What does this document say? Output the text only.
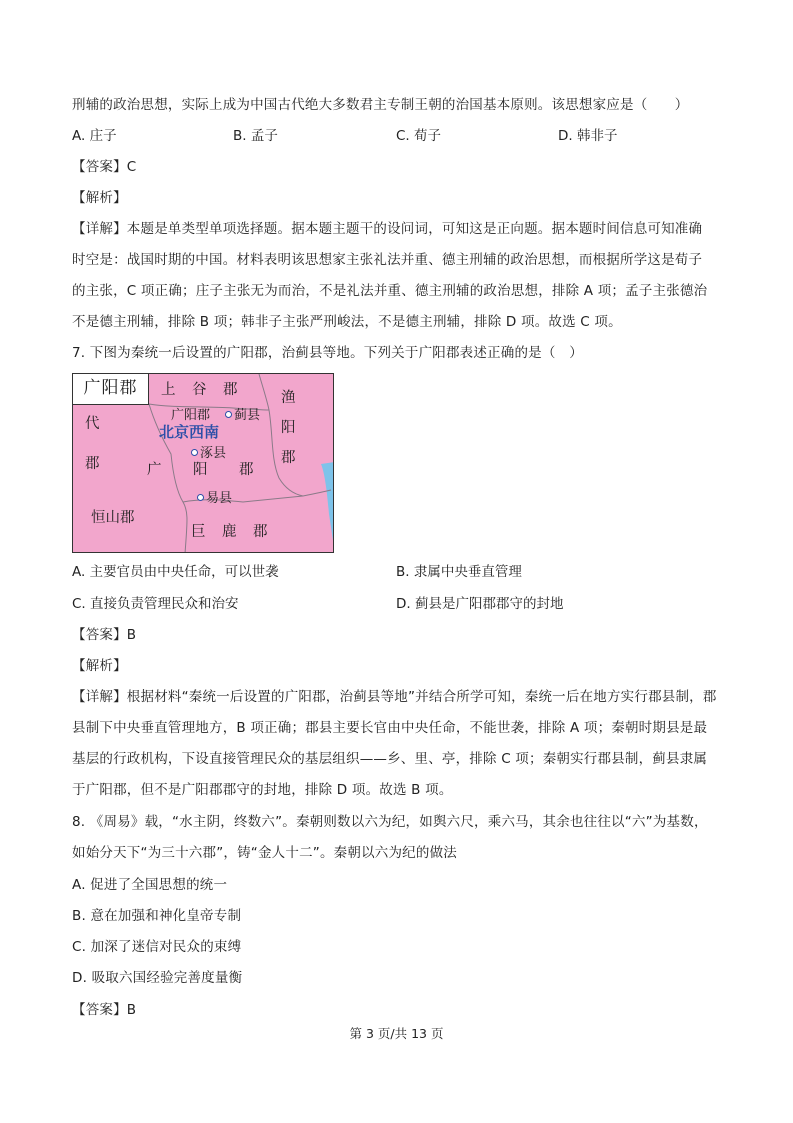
刑辅的政治思想，实际上成为中国古代绝大多数君主专制王朝的治国基本原则。该思想家应是（　　）
A. 庄子	B. 孟子	C. 荀子	D. 韩非子
【答案】C
【解析】
【详解】本题是单类型单项选择题。据本题主题干的设问词，可知这是正向题。据本题时间信息可知准确
时空是：战国时期的中国。材料表明该思想家主张礼法并重、德主刑辅的政治思想，而根据所学这是荀子
的主张，C 项正确；庄子主张无为而治，不是礼法并重、德主刑辅的政治思想，排除 A 项；孟子主张德治
不是德主刑辅，排除 B 项；韩非子主张严刑峻法，不是德主刑辅，排除 D 项。故选 C 项。
7. 下图为秦统一后设置的广阳郡，治蓟县等地。下列关于广阳郡表述正确的是（　）
广阳郡	上　谷　郡	渔
阳
郡
代
郡
广阳郡	蓟县
北京西南
涿县
广 阳 郡
易县
恒山郡
巨　鹿　郡
A. 主要官员由中央任命，可以世袭	B. 隶属中央垂直管理
C. 直接负责管理民众和治安	D. 蓟县是广阳郡郡守的封地
【答案】B
【解析】
【详解】根据材料“秦统一后设置的广阳郡，治蓟县等地”并结合所学可知，秦统一后在地方实行郡县制，郡
县制下中央垂直管理地方，B 项正确；郡县主要长官由中央任命，不能世袭，排除 A 项；秦朝时期县是最
基层的行政机构，下设直接管理民众的基层组织——乡、里、亭，排除 C 项；秦朝实行郡县制，蓟县隶属
于广阳郡，但不是广阳郡郡守的封地，排除 D 项。故选 B 项。
8. 《周易》载，“水主阴，终数六”。秦朝则数以六为纪，如舆六尺，乘六马，其余也往往以“六”为基数，
如始分天下“为三十六郡”，铸“金人十二”。秦朝以六为纪的做法
A. 促进了全国思想的统一
B. 意在加强和神化皇帝专制
C. 加深了迷信对民众的束缚
D. 吸取六国经验完善度量衡
【答案】B
第 3 页/共 13 页
